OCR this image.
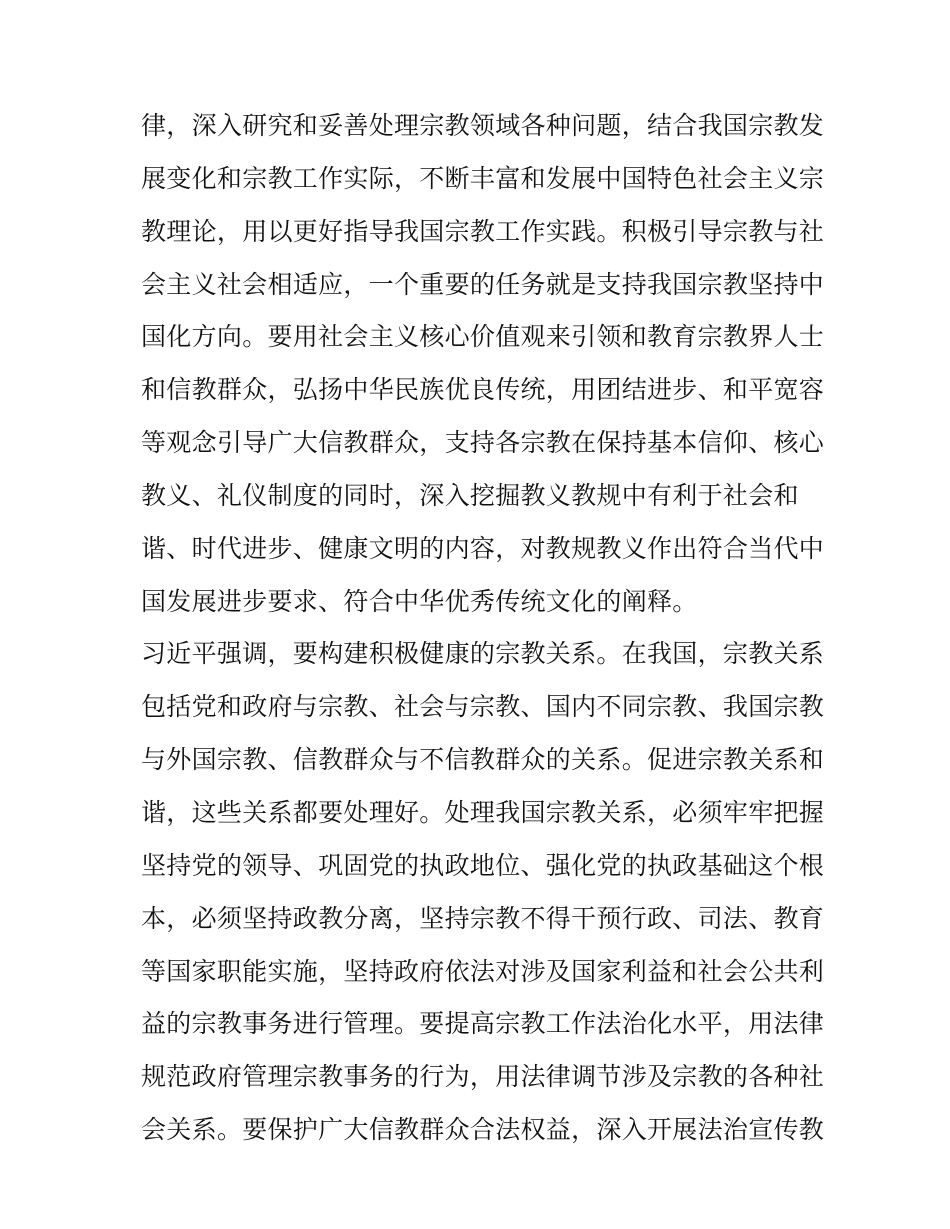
律，深入研究和妥善处理宗教领域各种问题，结合我国宗教发
展变化和宗教工作实际，不断丰富和发展中国特色社会主义宗
教理论，用以更好指导我国宗教工作实践。积极引导宗教与社
会主义社会相适应，一个重要的任务就是支持我国宗教坚持中
国化方向。要用社会主义核心价值观来引领和教育宗教界人士
和信教群众，弘扬中华民族优良传统，用团结进步、和平宽容
等观念引导广大信教群众，支持各宗教在保持基本信仰、核心
教义、礼仪制度的同时，深入挖掘教义教规中有利于社会和
谐、时代进步、健康文明的内容，对教规教义作出符合当代中
国发展进步要求、符合中华优秀传统文化的阐释。
习近平强调，要构建积极健康的宗教关系。在我国，宗教关系
包括党和政府与宗教、社会与宗教、国内不同宗教、我国宗教
与外国宗教、信教群众与不信教群众的关系。促进宗教关系和
谐，这些关系都要处理好。处理我国宗教关系，必须牢牢把握
坚持党的领导、巩固党的执政地位、强化党的执政基础这个根
本，必须坚持政教分离，坚持宗教不得干预行政、司法、教育
等国家职能实施，坚持政府依法对涉及国家利益和社会公共利
益的宗教事务进行管理。要提高宗教工作法治化水平，用法律
规范政府管理宗教事务的行为，用法律调节涉及宗教的各种社
会关系。要保护广大信教群众合法权益，深入开展法治宣传教
